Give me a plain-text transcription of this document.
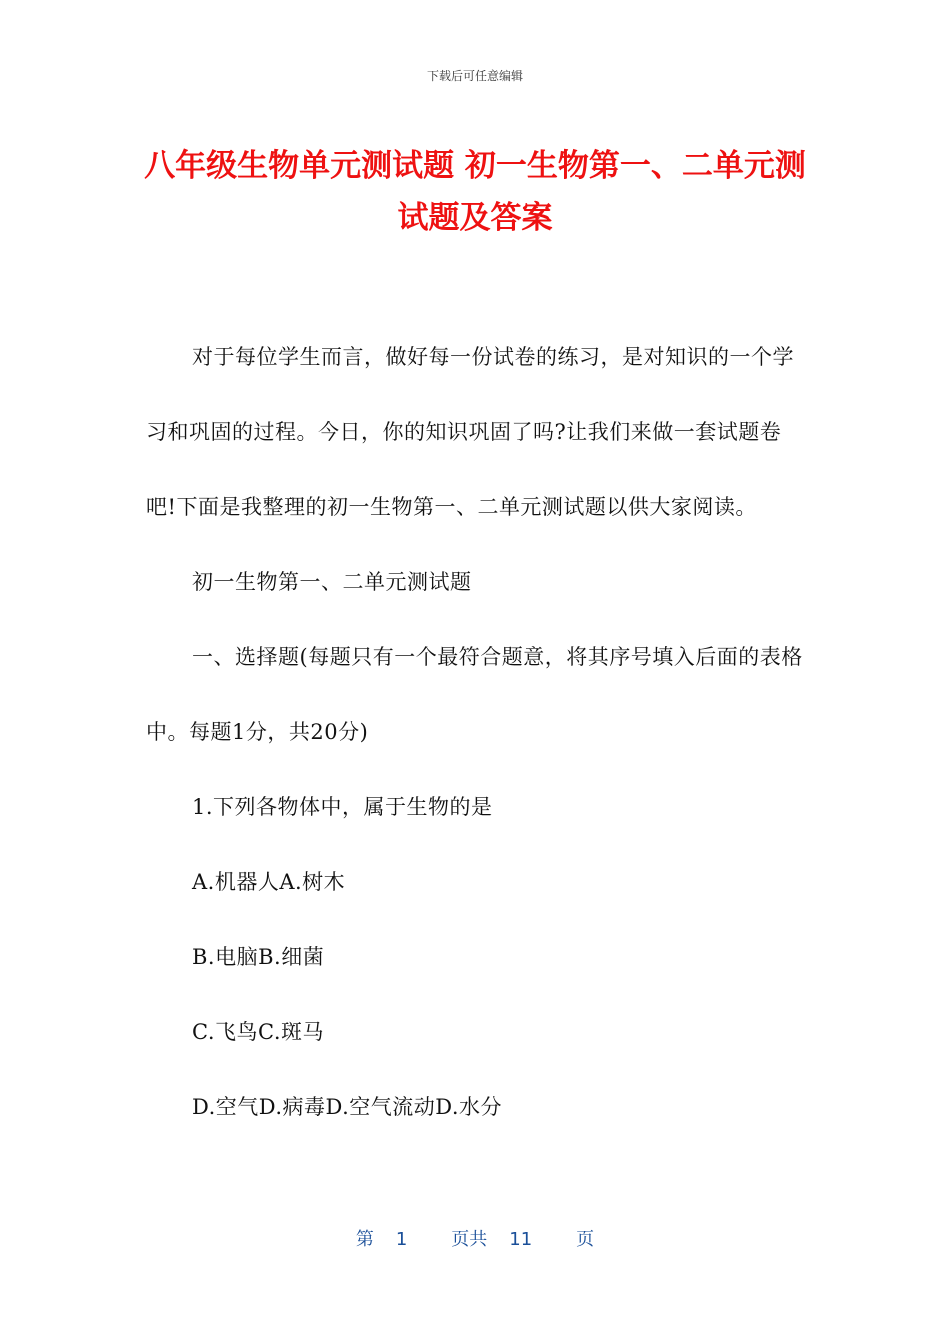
下载后可任意编辑
八年级生物单元测试题 初一生物第一、二单元测试题及答案

对于每位学生而言，做好每一份试卷的练习，是对知识的一个学习和巩固的过程。今日，你的知识巩固了吗?让我们来做一套试题卷吧!下面是我整理的初一生物第一、二单元测试题以供大家阅读。

初一生物第一、二单元测试题

一、选择题(每题只有一个最符合题意，将其序号填入后面的表格中。每题1分，共20分)

1.下列各物体中，属于生物的是

A.机器人A.树木

B.电脑B.细菌

C.飞鸟C.斑马

D.空气D.病毒D.空气流动D.水分

第 1 页共 11 页
